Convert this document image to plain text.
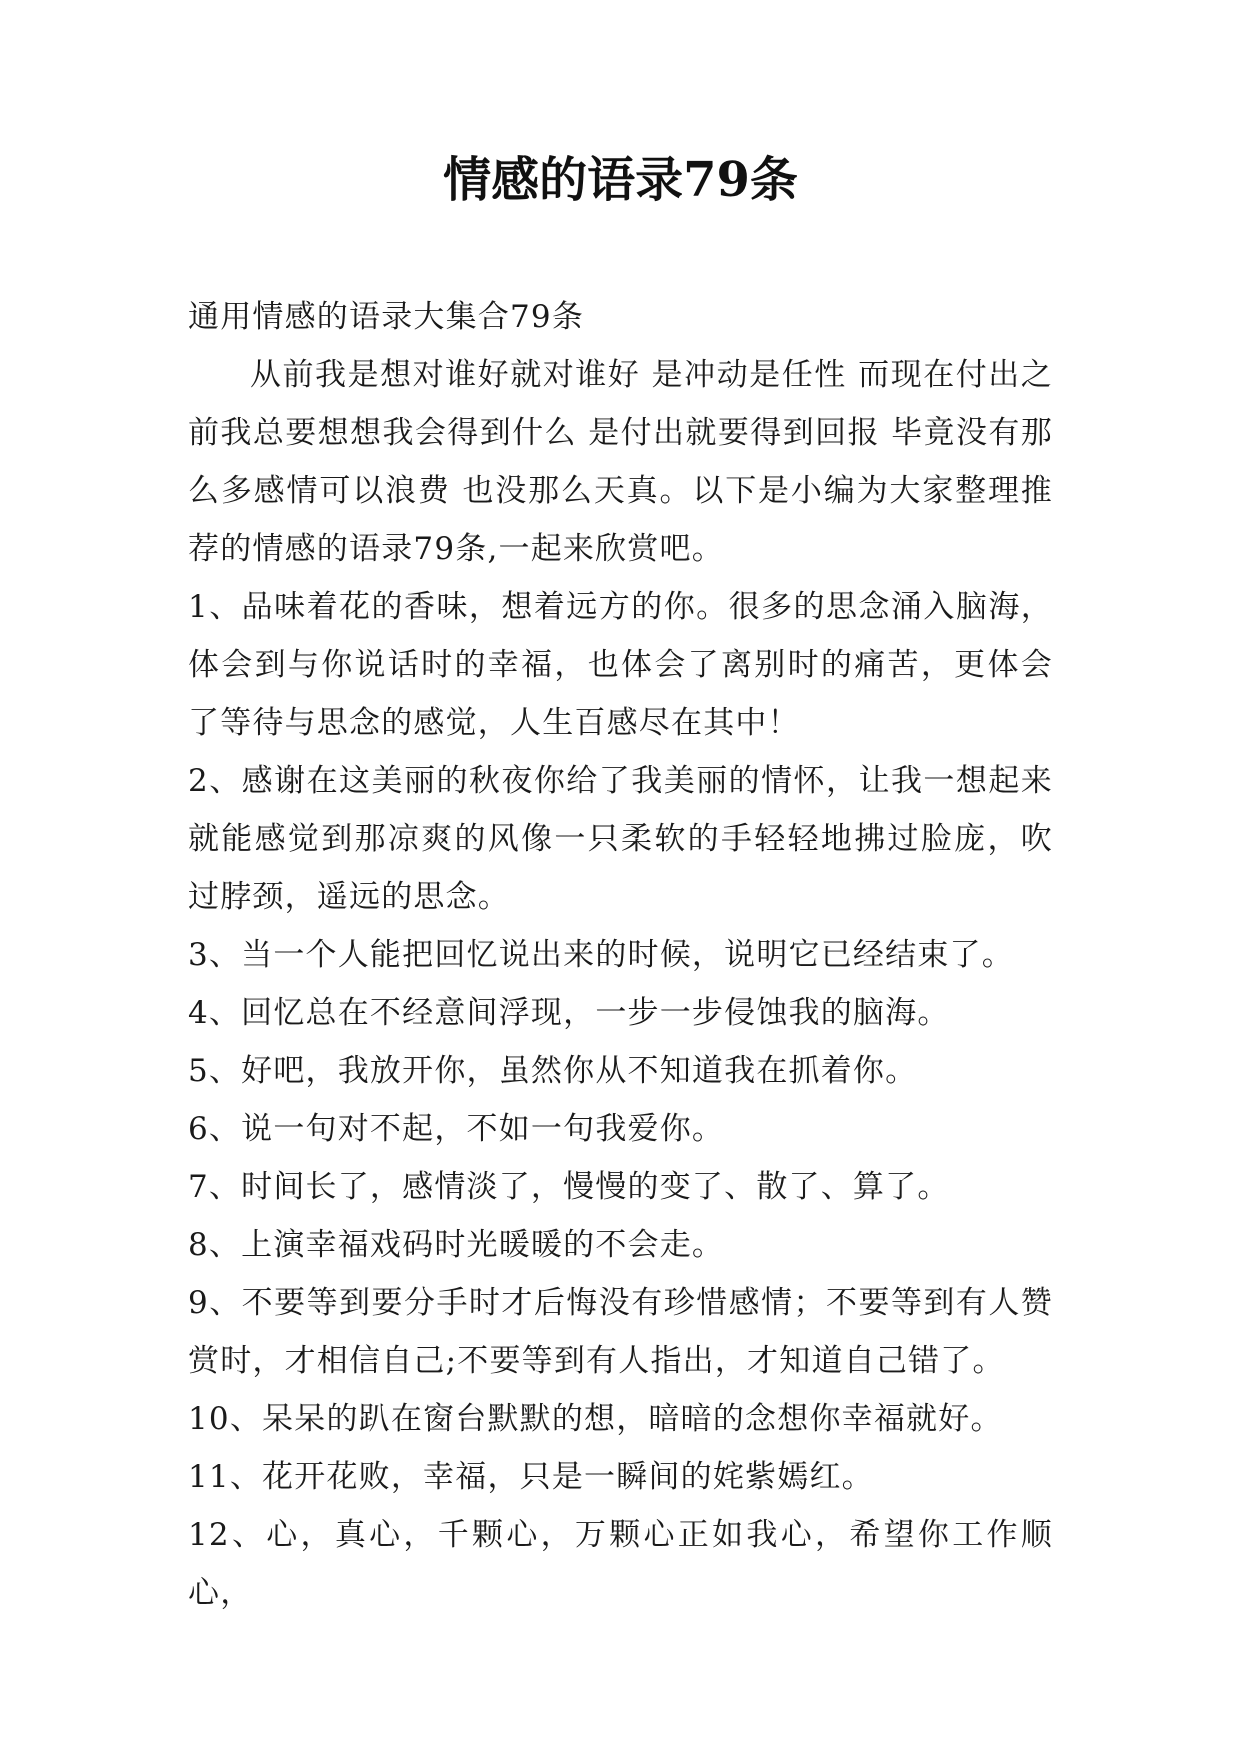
情感的语录79条

通用情感的语录大集合79条

从前我是想对谁好就对谁好 是冲动是任性 而现在付出之前我总要想想我会得到什么 是付出就要得到回报 毕竟没有那么多感情可以浪费 也没那么天真。以下是小编为大家整理推荐的情感的语录79条,一起来欣赏吧。

1、品味着花的香味，想着远方的你。很多的思念涌入脑海，体会到与你说话时的幸福，也体会了离别时的痛苦，更体会了等待与思念的感觉，人生百感尽在其中！

2、感谢在这美丽的秋夜你给了我美丽的情怀，让我一想起来就能感觉到那凉爽的风像一只柔软的手轻轻地拂过脸庞，吹过脖颈，遥远的思念。

3、当一个人能把回忆说出来的时候，说明它已经结束了。

4、回忆总在不经意间浮现，一步一步侵蚀我的脑海。

5、好吧，我放开你，虽然你从不知道我在抓着你。

6、说一句对不起，不如一句我爱你。

7、时间长了，感情淡了，慢慢的变了、散了、算了。

8、上演幸福戏码时光暖暖的不会走。

9、不要等到要分手时才后悔没有珍惜感情；不要等到有人赞赏时，才相信自己;不要等到有人指出，才知道自己错了。

10、呆呆的趴在窗台默默的想，暗暗的念想你幸福就好。

11、花开花败，幸福，只是一瞬间的姹紫嫣红。

12、心，真心，千颗心，万颗心正如我心，希望你工作顺心，
